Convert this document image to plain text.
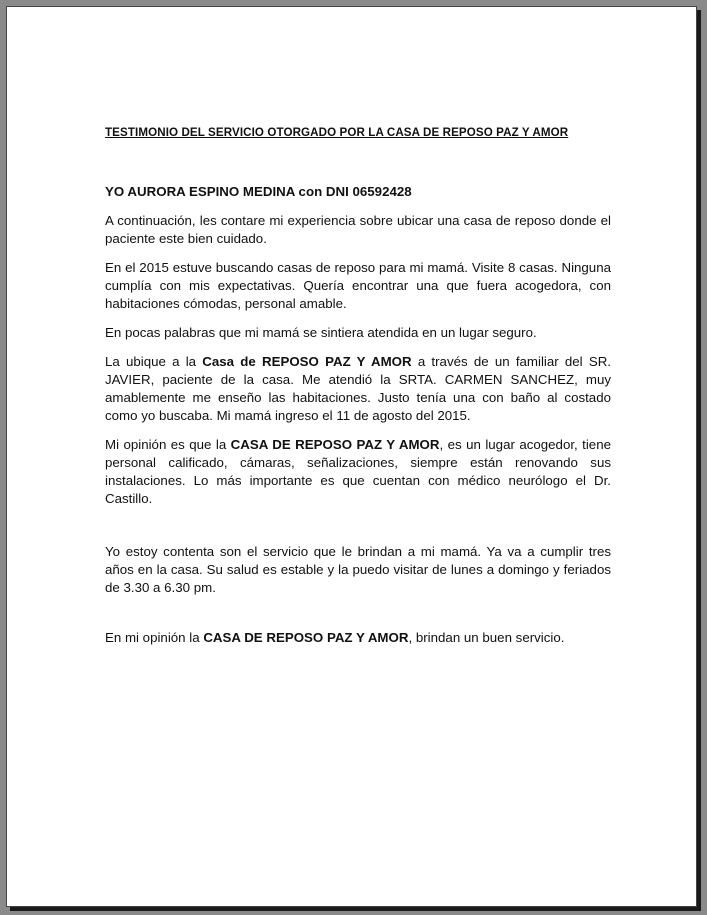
TESTIMONIO DEL SERVICIO OTORGADO POR LA CASA DE REPOSO PAZ Y AMOR
YO AURORA ESPINO MEDINA con DNI 06592428

A continuación, les contare mi experiencia sobre ubicar una casa de reposo donde el paciente este bien cuidado.

En el 2015 estuve buscando casas de reposo para mi mamá. Visite 8 casas. Ninguna cumplía con mis expectativas. Quería encontrar una que fuera acogedora, con habitaciones cómodas, personal amable.

En pocas palabras que mi mamá se sintiera atendida en un lugar seguro.

La ubique a la Casa de REPOSO PAZ Y AMOR a través de un familiar del SR. JAVIER, paciente de la casa. Me atendió la SRTA. CARMEN SANCHEZ, muy amablemente me enseño las habitaciones. Justo tenía una con baño al costado como yo buscaba. Mi mamá ingreso el 11 de agosto del 2015.

Mi opinión es que la CASA DE REPOSO PAZ Y AMOR, es un lugar acogedor, tiene personal calificado, cámaras, señalizaciones, siempre están renovando sus instalaciones. Lo más importante es que cuentan con médico neurólogo el Dr. Castillo.

Yo estoy contenta son el servicio que le brindan a mi mamá. Ya va a cumplir tres años en la casa. Su salud es estable y la puedo visitar de lunes a domingo y feriados de 3.30 a 6.30 pm.

En mi opinión la CASA DE REPOSO PAZ Y AMOR, brindan un buen servicio.
